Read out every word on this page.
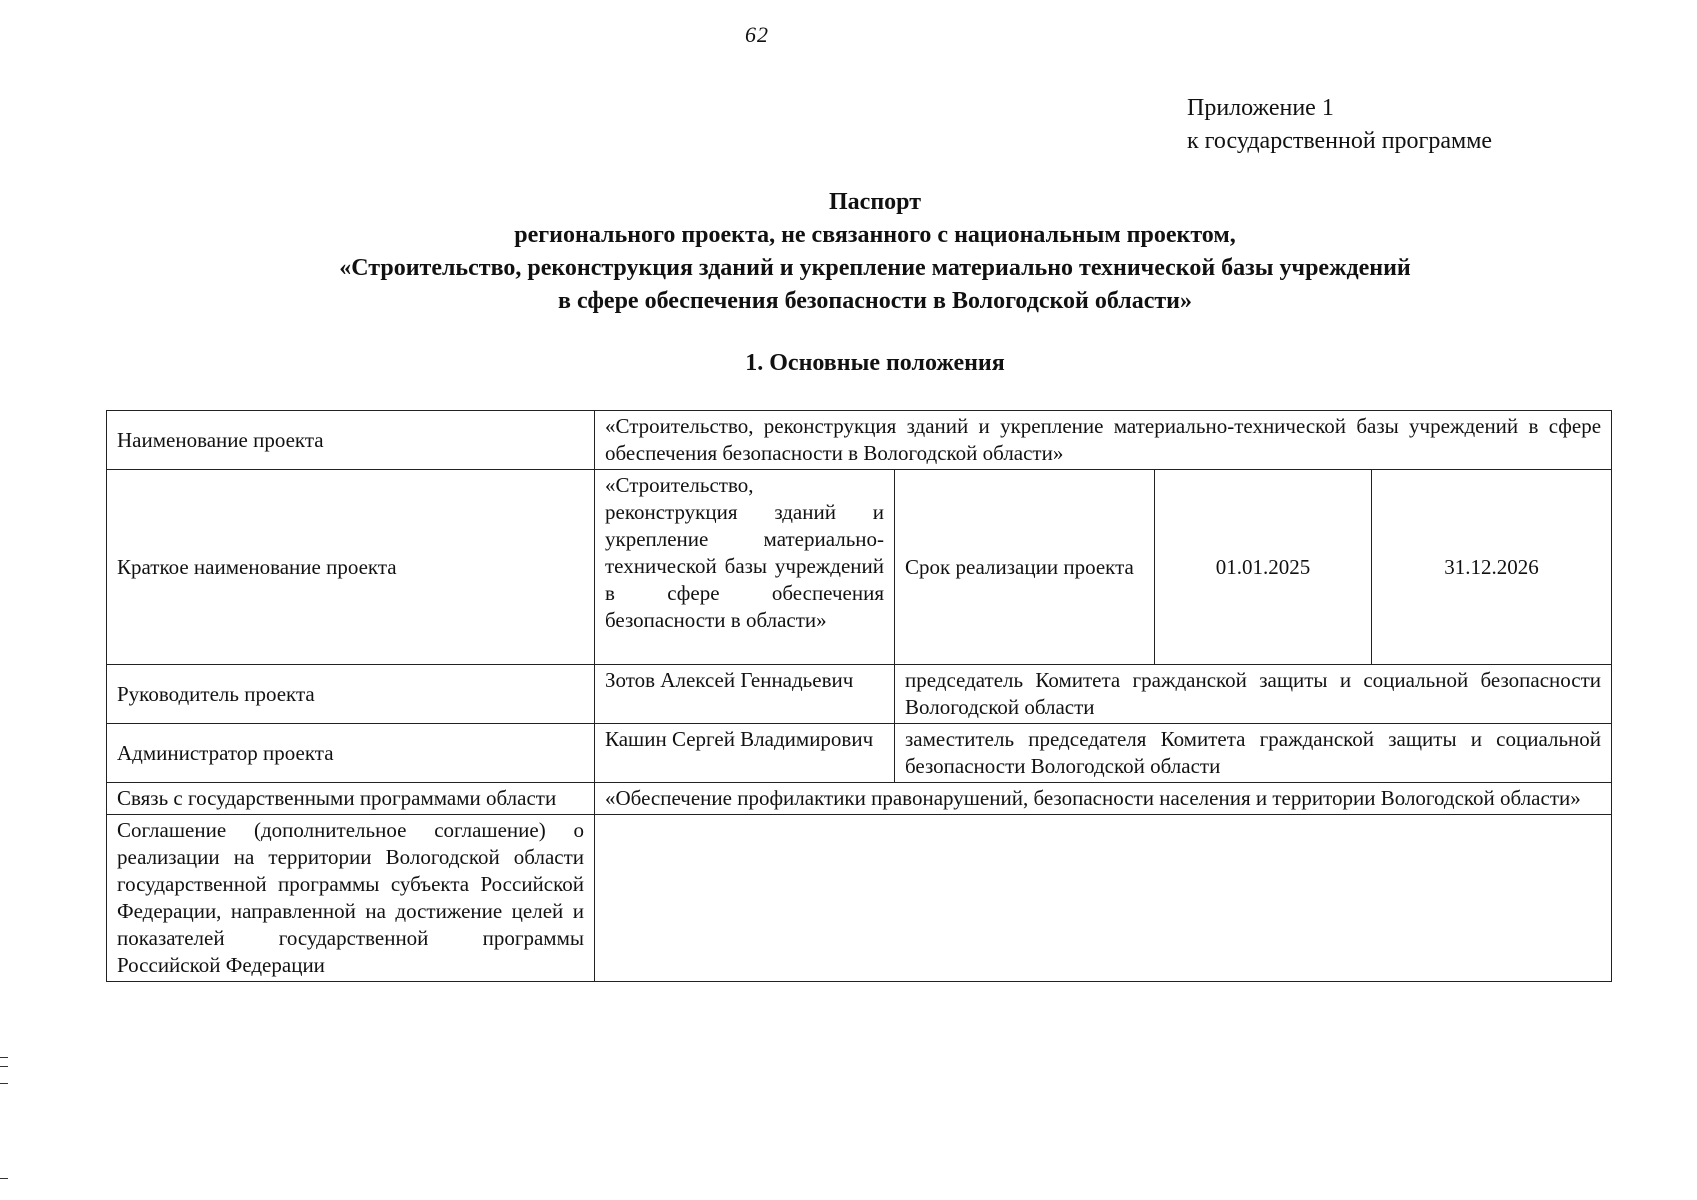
62
Приложение 1
к государственной программе
Паспорт
регионального проекта, не связанного с национальным проектом,
«Строительство, реконструкция зданий и укрепление материально технической базы учреждений
в сфере обеспечения безопасности в Вологодской области»
1. Основные положения
Наименование проекта	«Строительство, реконструкция зданий и укрепление материально-технической базы учреждений в сфере обеспечения безопасности в Вологодской области»			
Краткое наименование проекта	«Строительство, реконструкция зданий и укрепление материально-технической базы учреждений в сфере обеспечения безопасности в области»	Срок реализации проекта	01.01.2025	31.12.2026
Руководитель проекта	Зотов Алексей Геннадьевич	председатель Комитета гражданской защиты и социальной безопасности Вологодской области		
Администратор проекта	Кашин Сергей Владимирович	заместитель председателя Комитета гражданской защиты и социальной безопасности Вологодской области		
Связь с государственными программами области	«Обеспечение профилактики правонарушений, безопасности населения и территории Вологодской области»			
Соглашение (дополнительное соглашение) о реализации на территории Вологодской области государственной программы субъекта Российской Федерации, направленной на достижение целей и показателей государственной программы Российской Федерации				
